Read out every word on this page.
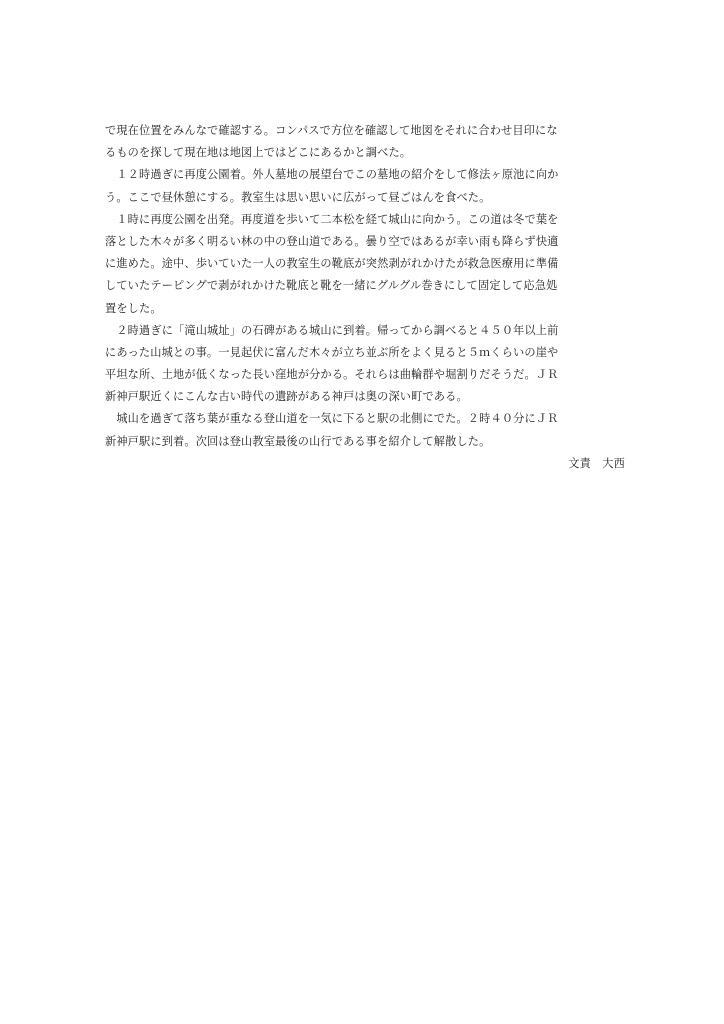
で現在位置をみんなで確認する。コンパスで方位を確認して地図をそれに合わせ目印にな
るものを探して現在地は地図上ではどこにあるかと調べた。
　１２時過ぎに再度公園着。外人墓地の展望台でこの墓地の紹介をして修法ヶ原池に向か
う。ここで昼休憩にする。教室生は思い思いに広がって昼ごはんを食べた。
　１時に再度公園を出発。再度道を歩いて二本松を経て城山に向かう。この道は冬で葉を
落とした木々が多く明るい林の中の登山道である。曇り空ではあるが幸い雨も降らず快適
に進めた。途中、歩いていた一人の教室生の靴底が突然剥がれかけたが救急医療用に準備
していたテーピングで剥がれかけた靴底と靴を一緒にグルグル巻きにして固定して応急処
置をした。
　２時過ぎに「滝山城址」の石碑がある城山に到着。帰ってから調べると４５０年以上前
にあった山城との事。一見起伏に富んだ木々が立ち並ぶ所をよく見ると５ｍくらいの崖や
平坦な所、土地が低くなった長い窪地が分かる。それらは曲輪群や堀割りだそうだ。ＪＲ
新神戸駅近くにこんな古い時代の遺跡がある神戸は奥の深い町である。
　城山を過ぎて落ち葉が重なる登山道を一気に下ると駅の北側にでた。２時４０分にＪＲ
新神戸駅に到着。次回は登山教室最後の山行である事を紹介して解散した。
文責　大西
